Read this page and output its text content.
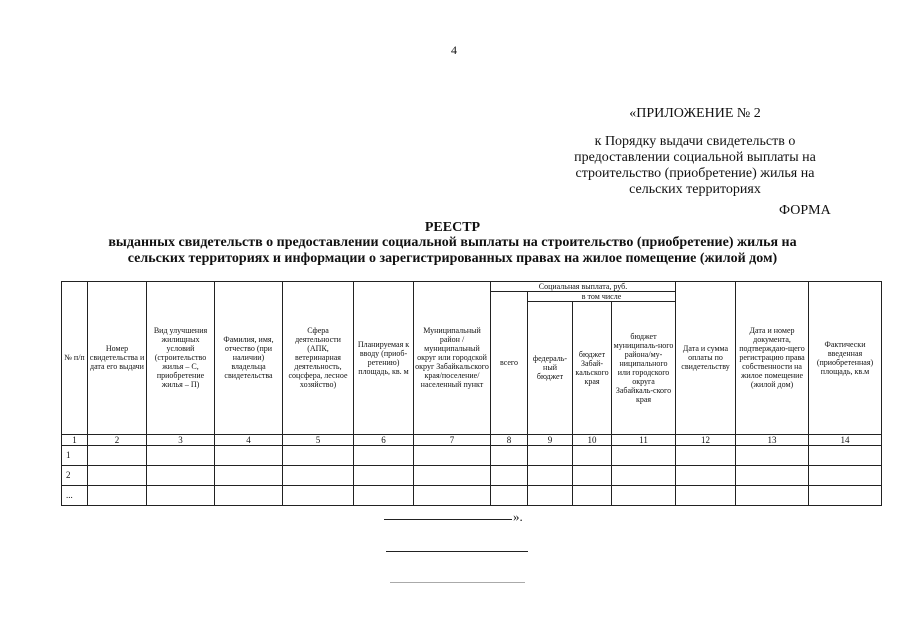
4
«ПРИЛОЖЕНИЕ № 2
к Порядку выдачи свидетельств о
предоставлении социальной выплаты на
строительство (приобретение) жилья на
сельских территориях
ФОРМА
РЕЕСТР
выданных свидетельств о предоставлении социальной выплаты на строительство (приобретение) жилья на
сельских территориях и информации о зарегистрированных правах на жилое помещение (жилой дом)
№ п/п	Номер свидетельства и дата его выдачи	Вид улучшения жилищных условий (строительство жилья – С, приобретение жилья – П)	Фамилия, имя, отчество (при наличии) владельца свидетельства	Сфера деятельности (АПК, ветеринарная деятельность, соцсфера, лесное хозяйство)	Планируемая к вводу (приоб-ретению) площадь, кв. м	Муниципальный район /муниципальный округ или городской округ Забайкальского края/поселение/ населенный пункт	Социальная выплата, руб.				Дата и сумма оплаты по свидетельству	Дата и номер документа, подтверждаю-щего регистрацию права собственности на жилое помещение (жилой дом)	Фактически введенная (приобретенная) площадь, кв.м
							всего	в том числе					
								федераль-ный бюджет	бюджет Забай-кальского края	бюджет муниципаль-ного района/му-ниципального или городского округа Забайкаль-ского края			
1	2	3	4	5	6	7	8	9	10	11	12	13	14
1													
2													
...													
».
